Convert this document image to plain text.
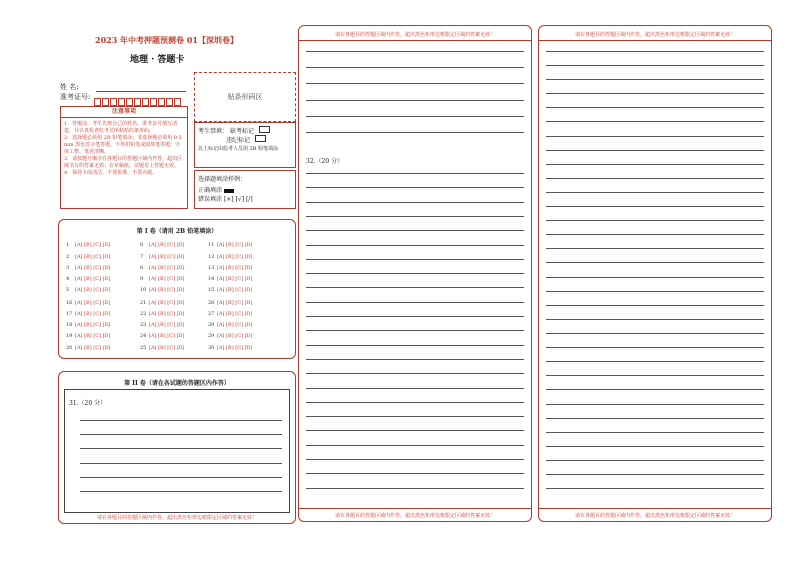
2023 年中考押题预测卷 01【深圳卷】
地理 · 答题卡
姓 名:
准考证号:	贴条形码区
注意事项
1．答题前，考生先将自己的姓名、准考证号填写清楚，并认真检查监考员所粘贴的条形码。
2．选择题必须用 2B 铅笔填涂；非选择题必须用 0.5 mm 黑色签字笔答题，不得用铅笔或圆珠笔答题；字体工整、笔迹清晰。
3．请按题号顺序在各题目的答题区域内作答，超出区域书写的答案无效；在草稿纸、试题卷上答题无效。
4．保持卡面清洁，不要折叠、不要弄破。
考生禁填： 缺考标记
违纪标记
以上标记由监考人员用 2B 铅笔填涂
选择题填涂样例：
正确填涂
错误填涂 [×] [√] [/]
第 I 卷（请用 2B 铅笔填涂）
第 II 卷（请在各试题的答题区内作答）
31.（20 分）
请在各题目的答题区域内作答，超出黑色矩形边框限定区域的答案无效！
请在各题目的答题区域内作答，超出黑色矩形边框限定区域的答案无效！
请在各题目的答题区域内作答，超出黑色矩形边框限定区域的答案无效！
32.（20 分）
请在各题目的答题区域内作答，超出黑色矩形边框限定区域的答案无效！
请在各题目的答题区域内作答，超出黑色矩形边框限定区域的答案无效！
1 [A] [B] [C] [D]
2 [A] [B] [C] [D]
3 [A] [B] [C] [D]
4 [A] [B] [C] [D]
5 [A] [B] [C] [D]
6 [A] [B] [C] [D]
7 [A] [B] [C] [D]
8 [A] [B] [C] [D]
9 [A] [B] [C] [D]
10 [A] [B] [C] [D]
11 [A] [B] [C] [D]
12 [A] [B] [C] [D]
13 [A] [B] [C] [D]
14 [A] [B] [C] [D]
15 [A] [B] [C] [D]
16 [A] [B] [C] [D]
17 [A] [B] [C] [D]
18 [A] [B] [C] [D]
19 [A] [B] [C] [D]
20 [A] [B] [C] [D]
21 [A] [B] [C] [D]
22 [A] [B] [C] [D]
23 [A] [B] [C] [D]
24 [A] [B] [C] [D]
25 [A] [B] [C] [D]
26 [A] [B] [C] [D]
27 [A] [B] [C] [D]
28 [A] [B] [C] [D]
29 [A] [B] [C] [D]
30 [A] [B] [C] [D]
